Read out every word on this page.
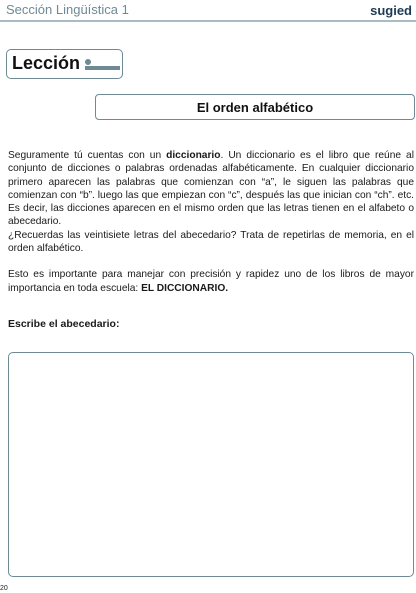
Sección Lingüística 1	sugied
Lección
El orden alfabético

Seguramente tú cuentas con un diccionario. Un diccionario es el libro que reúne al conjunto de dicciones o palabras ordenadas alfabéticamente. En cualquier diccionario primero aparecen las palabras que comienzan con “a”, le siguen las palabras que comienzan con “b”. luego las que empiezan con “c”, después las que inician con “ch”. etc. Es decir, las dicciones aparecen en el mismo orden que las letras tienen en el alfabeto o abecedario.

¿Recuerdas las veintisiete letras del abecedario? Trata de repetirlas de memoria, en el orden alfabético.

Esto es importante para manejar con precisión y rapidez uno de los libros de mayor importancia en toda escuela: EL DICCIONARIO.

Escribe el abecedario:
20
